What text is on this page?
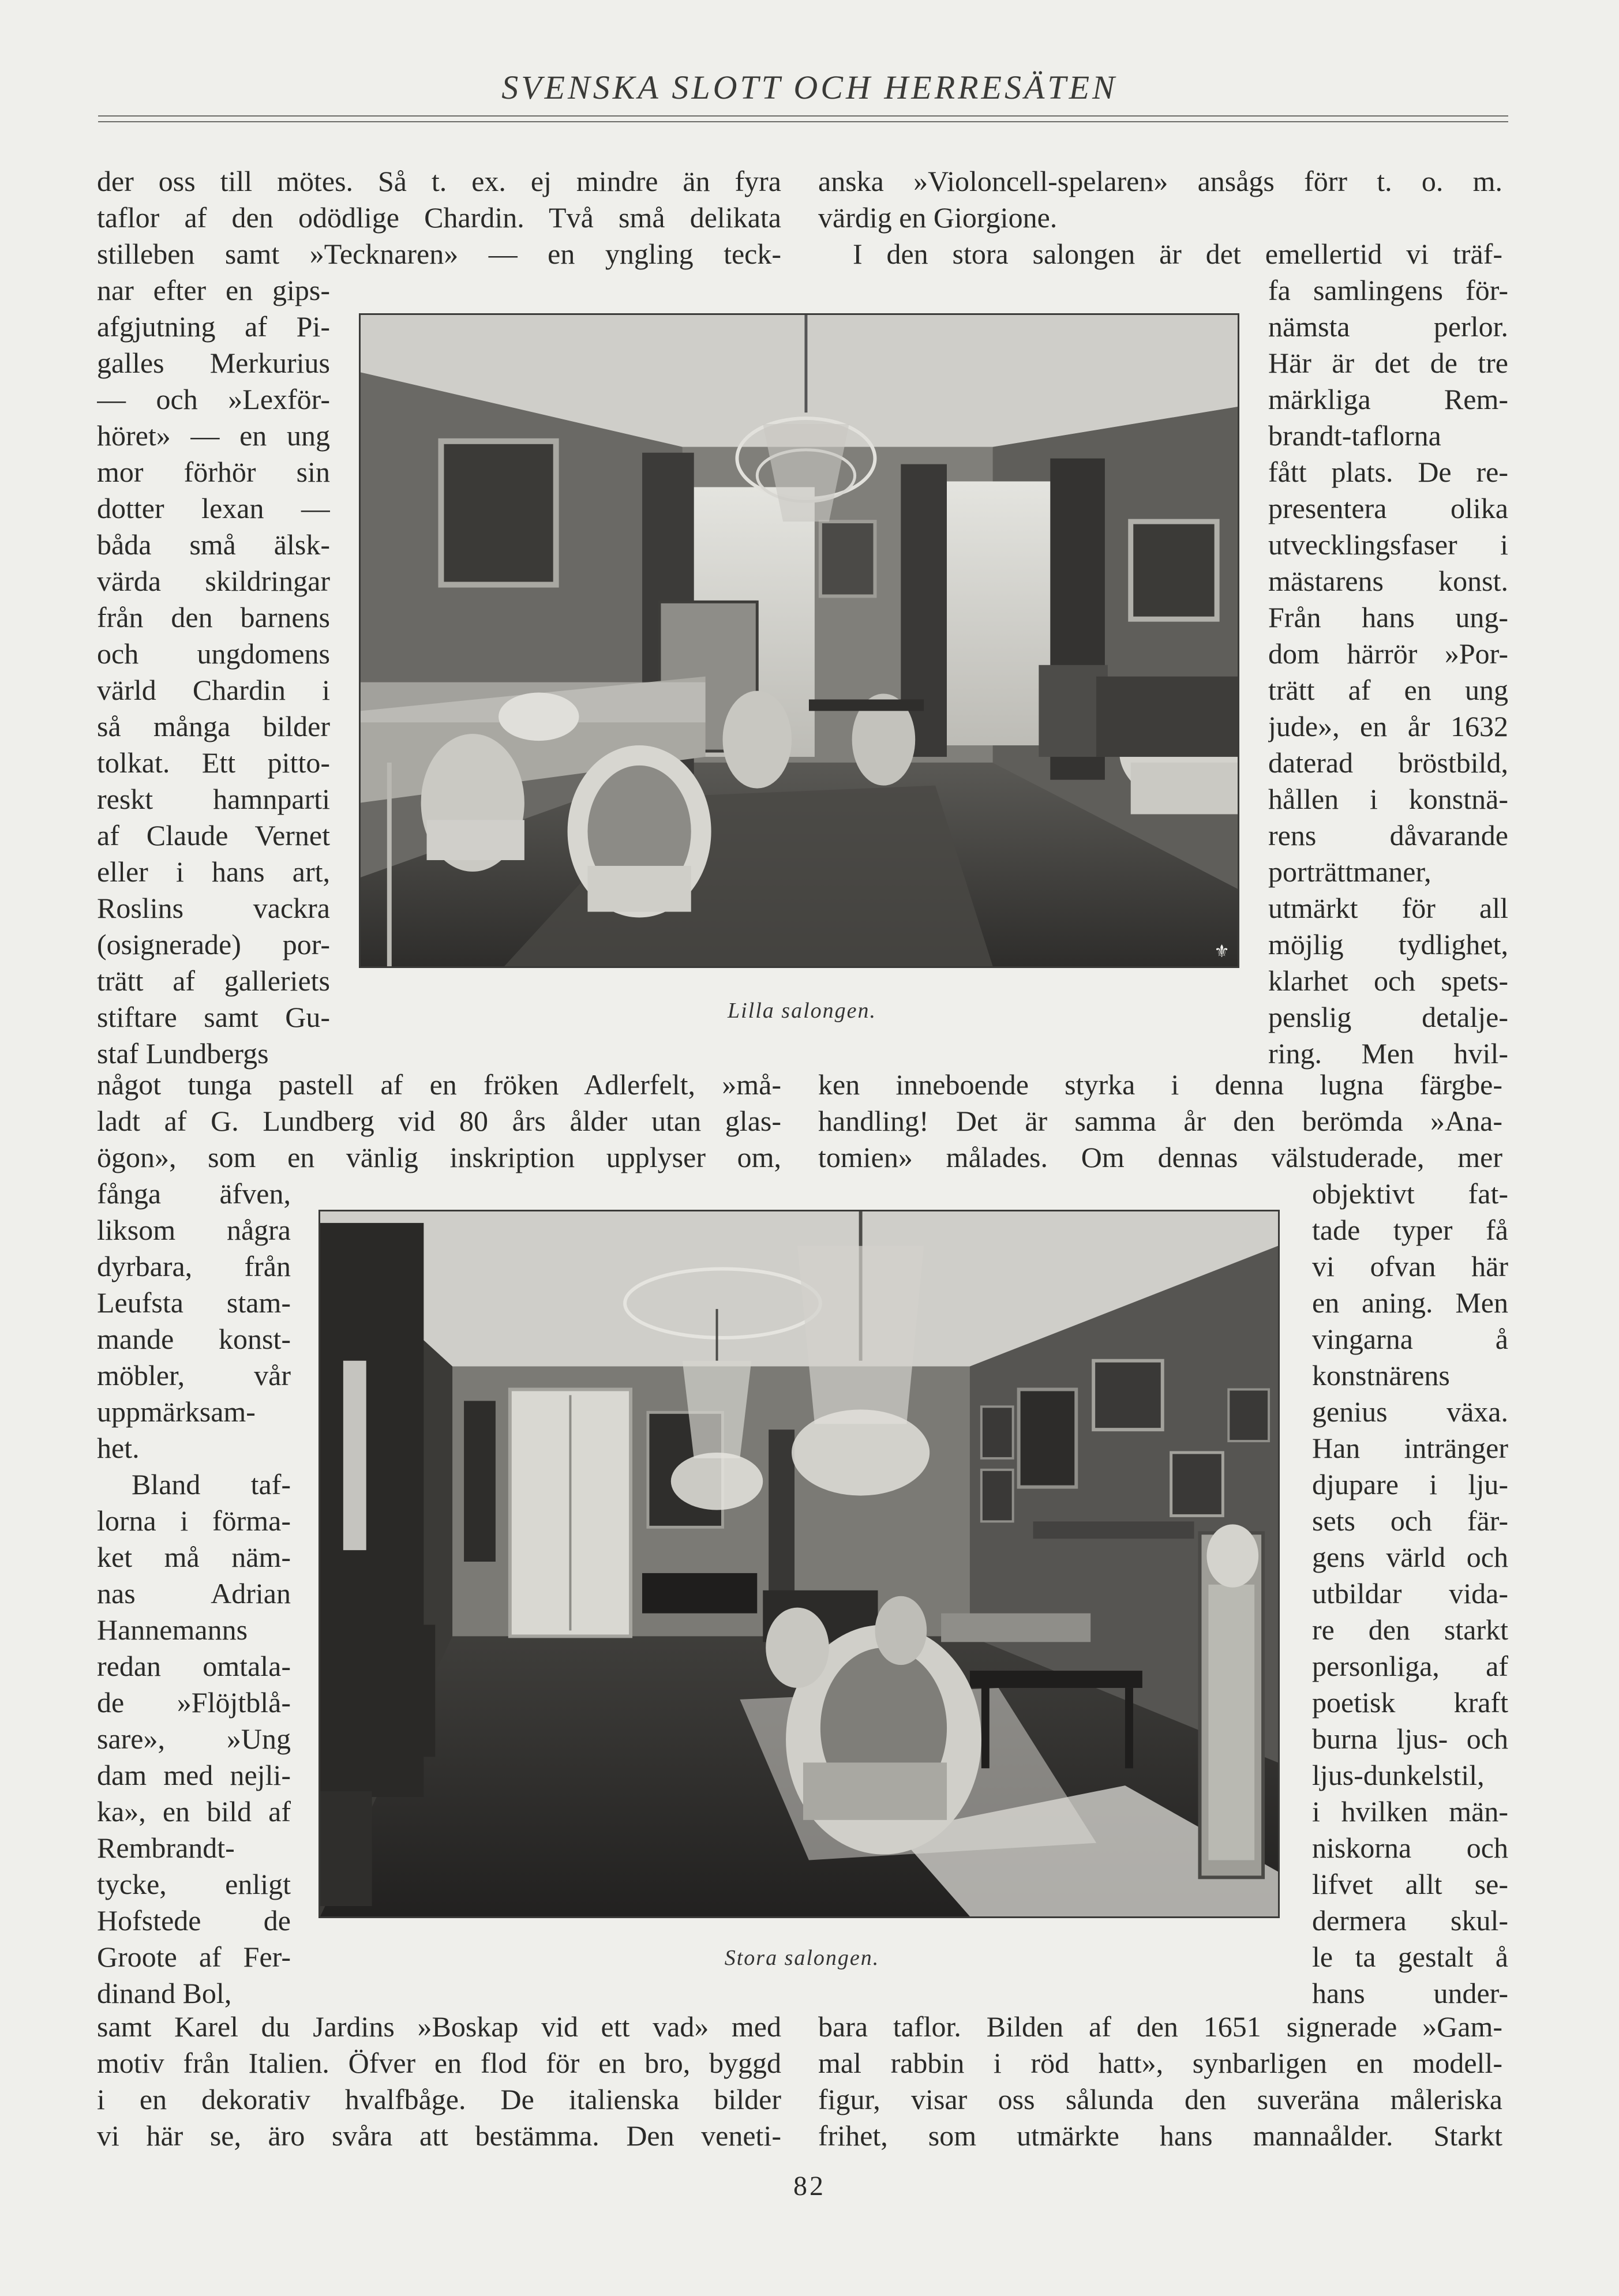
SVENSKA SLOTT OCH HERRESÄTEN
⚜
Lilla salongen.
Stora salongen.
der oss till mötes. Så t. ex. ej mindre än fyra
taflor af den odödlige Chardin. Två små delikata
stilleben samt »Tecknaren» — en yngling teck-
nar efter en gips-
afgjutning af Pi-
galles Merkurius
— och »Lexför-
höret» — en ung
mor förhör sin
dotter lexan —
båda små älsk-
värda skildringar
från den barnens
och ungdomens
värld Chardin i
så många bilder
tolkat. Ett pitto-
reskt hamnparti
af Claude Vernet
eller i hans art,
Roslins vackra
(osignerade) por-
trätt af galleriets
stiftare samt Gu-
staf Lundbergs
något tunga pastell af en fröken Adlerfelt, »må-
ladt af G. Lundberg vid 80 års ålder utan glas-
ögon», som en vänlig inskription upplyser om,
fånga äfven,
liksom några
dyrbara, från
Leufsta stam-
mande konst-
möbler, vår
uppmärksam-
het.
Bland taf-
lorna i förma-
ket må näm-
nas Adrian
Hannemanns
redan omtala-
de »Flöjtblå-
sare», »Ung
dam med nejli-
ka», en bild af
Rembrandt-
tycke, enligt
Hofstede de
Groote af Fer-
dinand Bol,
samt Karel du Jardins »Boskap vid ett vad» med
motiv från Italien. Öfver en flod för en bro, byggd
i en dekorativ hvalfbåge. De italienska bilder
vi här se, äro svåra att bestämma. Den veneti-
anska »Violoncell-spelaren» ansågs förr t. o. m.
värdig en Giorgione.
I den stora salongen är det emellertid vi träf-
fa samlingens för-
nämsta perlor.
Här är det de tre
märkliga Rem-
brandt-taflorna
fått plats. De re-
presentera olika
utvecklingsfaser i
mästarens konst.
Från hans ung-
dom härrör »Por-
trätt af en ung
jude», en år 1632
daterad bröstbild,
hållen i konstnä-
rens dåvarande
porträttmaner,
utmärkt för all
möjlig tydlighet,
klarhet och spets-
penslig detalje-
ring. Men hvil-
ken inneboende styrka i denna lugna färgbe-
handling! Det är samma år den berömda »Ana-
tomien» målades. Om dennas välstuderade, mer
objektivt fat-
tade typer få
vi ofvan här
en aning. Men
vingarna å
konstnärens
genius växa.
Han intränger
djupare i lju-
sets och fär-
gens värld och
utbildar vida-
re den starkt
personliga, af
poetisk kraft
burna ljus- och
ljus-dunkelstil,
i hvilken män-
niskorna och
lifvet allt se-
dermera skul-
le ta gestalt å
hans under-
bara taflor. Bilden af den 1651 signerade »Gam-
mal rabbin i röd hatt», synbarligen en modell-
figur, visar oss sålunda den suveräna måleriska
frihet, som utmärkte hans mannaålder. Starkt
82
